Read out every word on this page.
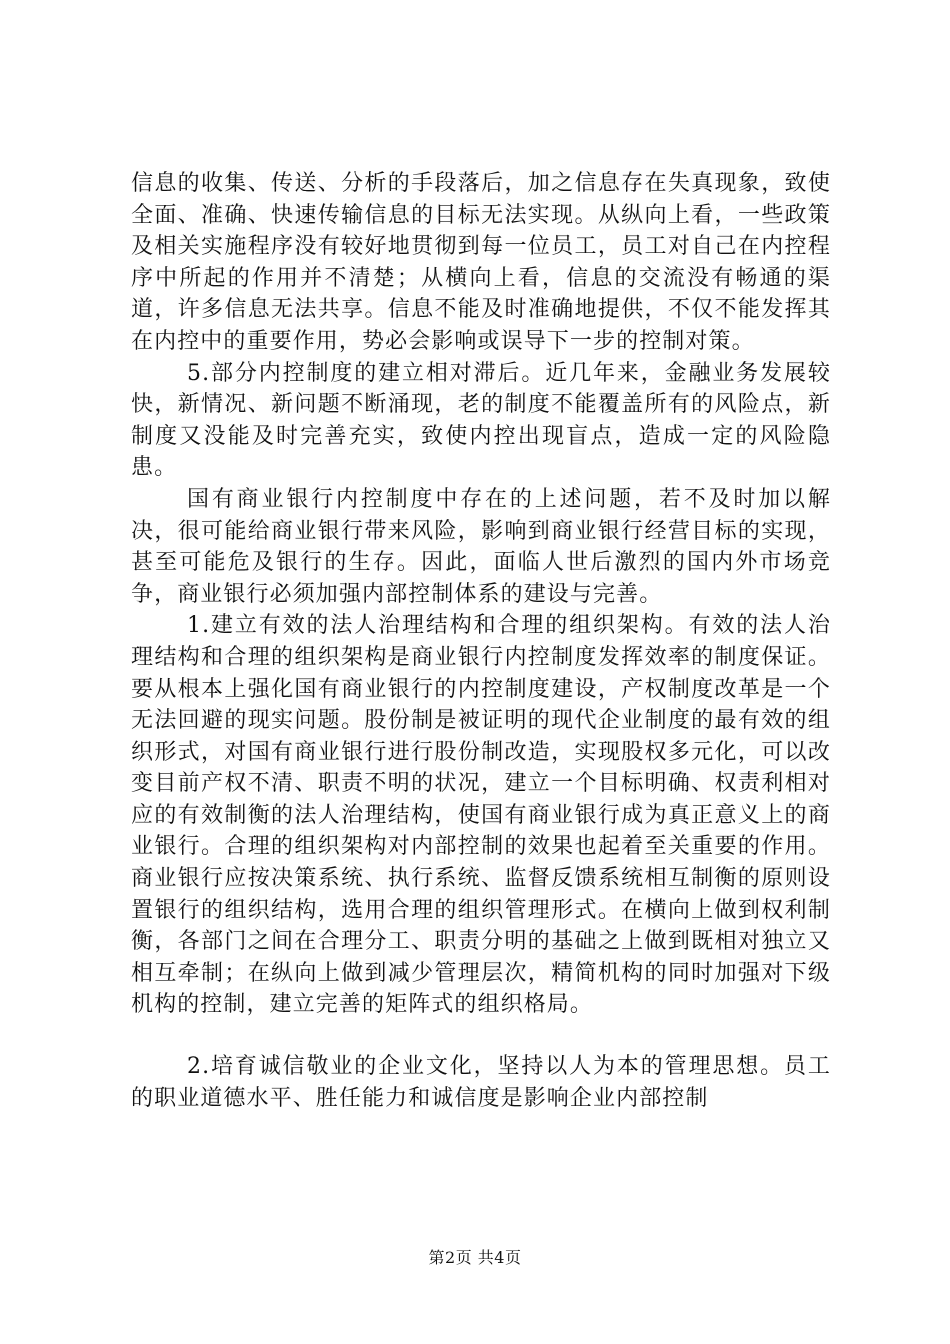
信息的收集、传送、分析的手段落后，加之信息存在失真现象，致使全面、准确、快速传输信息的目标无法实现。从纵向上看，一些政策及相关实施程序没有较好地贯彻到每一位员工，员工对自己在内控程序中所起的作用并不清楚；从横向上看，信息的交流没有畅通的渠道，许多信息无法共享。信息不能及时准确地提供，不仅不能发挥其在内控中的重要作用，势必会影响或误导下一步的控制对策。

5.部分内控制度的建立相对滞后。近几年来，金融业务发展较快，新情况、新问题不断涌现，老的制度不能覆盖所有的风险点，新制度又没能及时完善充实，致使内控出现盲点，造成一定的风险隐患。

国有商业银行内控制度中存在的上述问题，若不及时加以解决，很可能给商业银行带来风险，影响到商业银行经营目标的实现，甚至可能危及银行的生存。因此，面临人世后激烈的国内外市场竞争，商业银行必须加强内部控制体系的建设与完善。

1.建立有效的法人治理结构和合理的组织架构。有效的法人治理结构和合理的组织架构是商业银行内控制度发挥效率的制度保证。要从根本上强化国有商业银行的内控制度建设，产权制度改革是一个无法回避的现实问题。股份制是被证明的现代企业制度的最有效的组织形式，对国有商业银行进行股份制改造，实现股权多元化，可以改变目前产权不清、职责不明的状况，建立一个目标明确、权责利相对应的有效制衡的法人治理结构，使国有商业银行成为真正意义上的商业银行。合理的组织架构对内部控制的效果也起着至关重要的作用。商业银行应按决策系统、执行系统、监督反馈系统相互制衡的原则设置银行的组织结构，选用合理的组织管理形式。在横向上做到权利制衡，各部门之间在合理分工、职责分明的基础之上做到既相对独立又相互牵制；在纵向上做到减少管理层次，精简机构的同时加强对下级机构的控制，建立完善的矩阵式的组织格局。

2.培育诚信敬业的企业文化，坚持以人为本的管理思想。员工的职业道德水平、胜任能力和诚信度是影响企业内部控制

第2页 共4页
